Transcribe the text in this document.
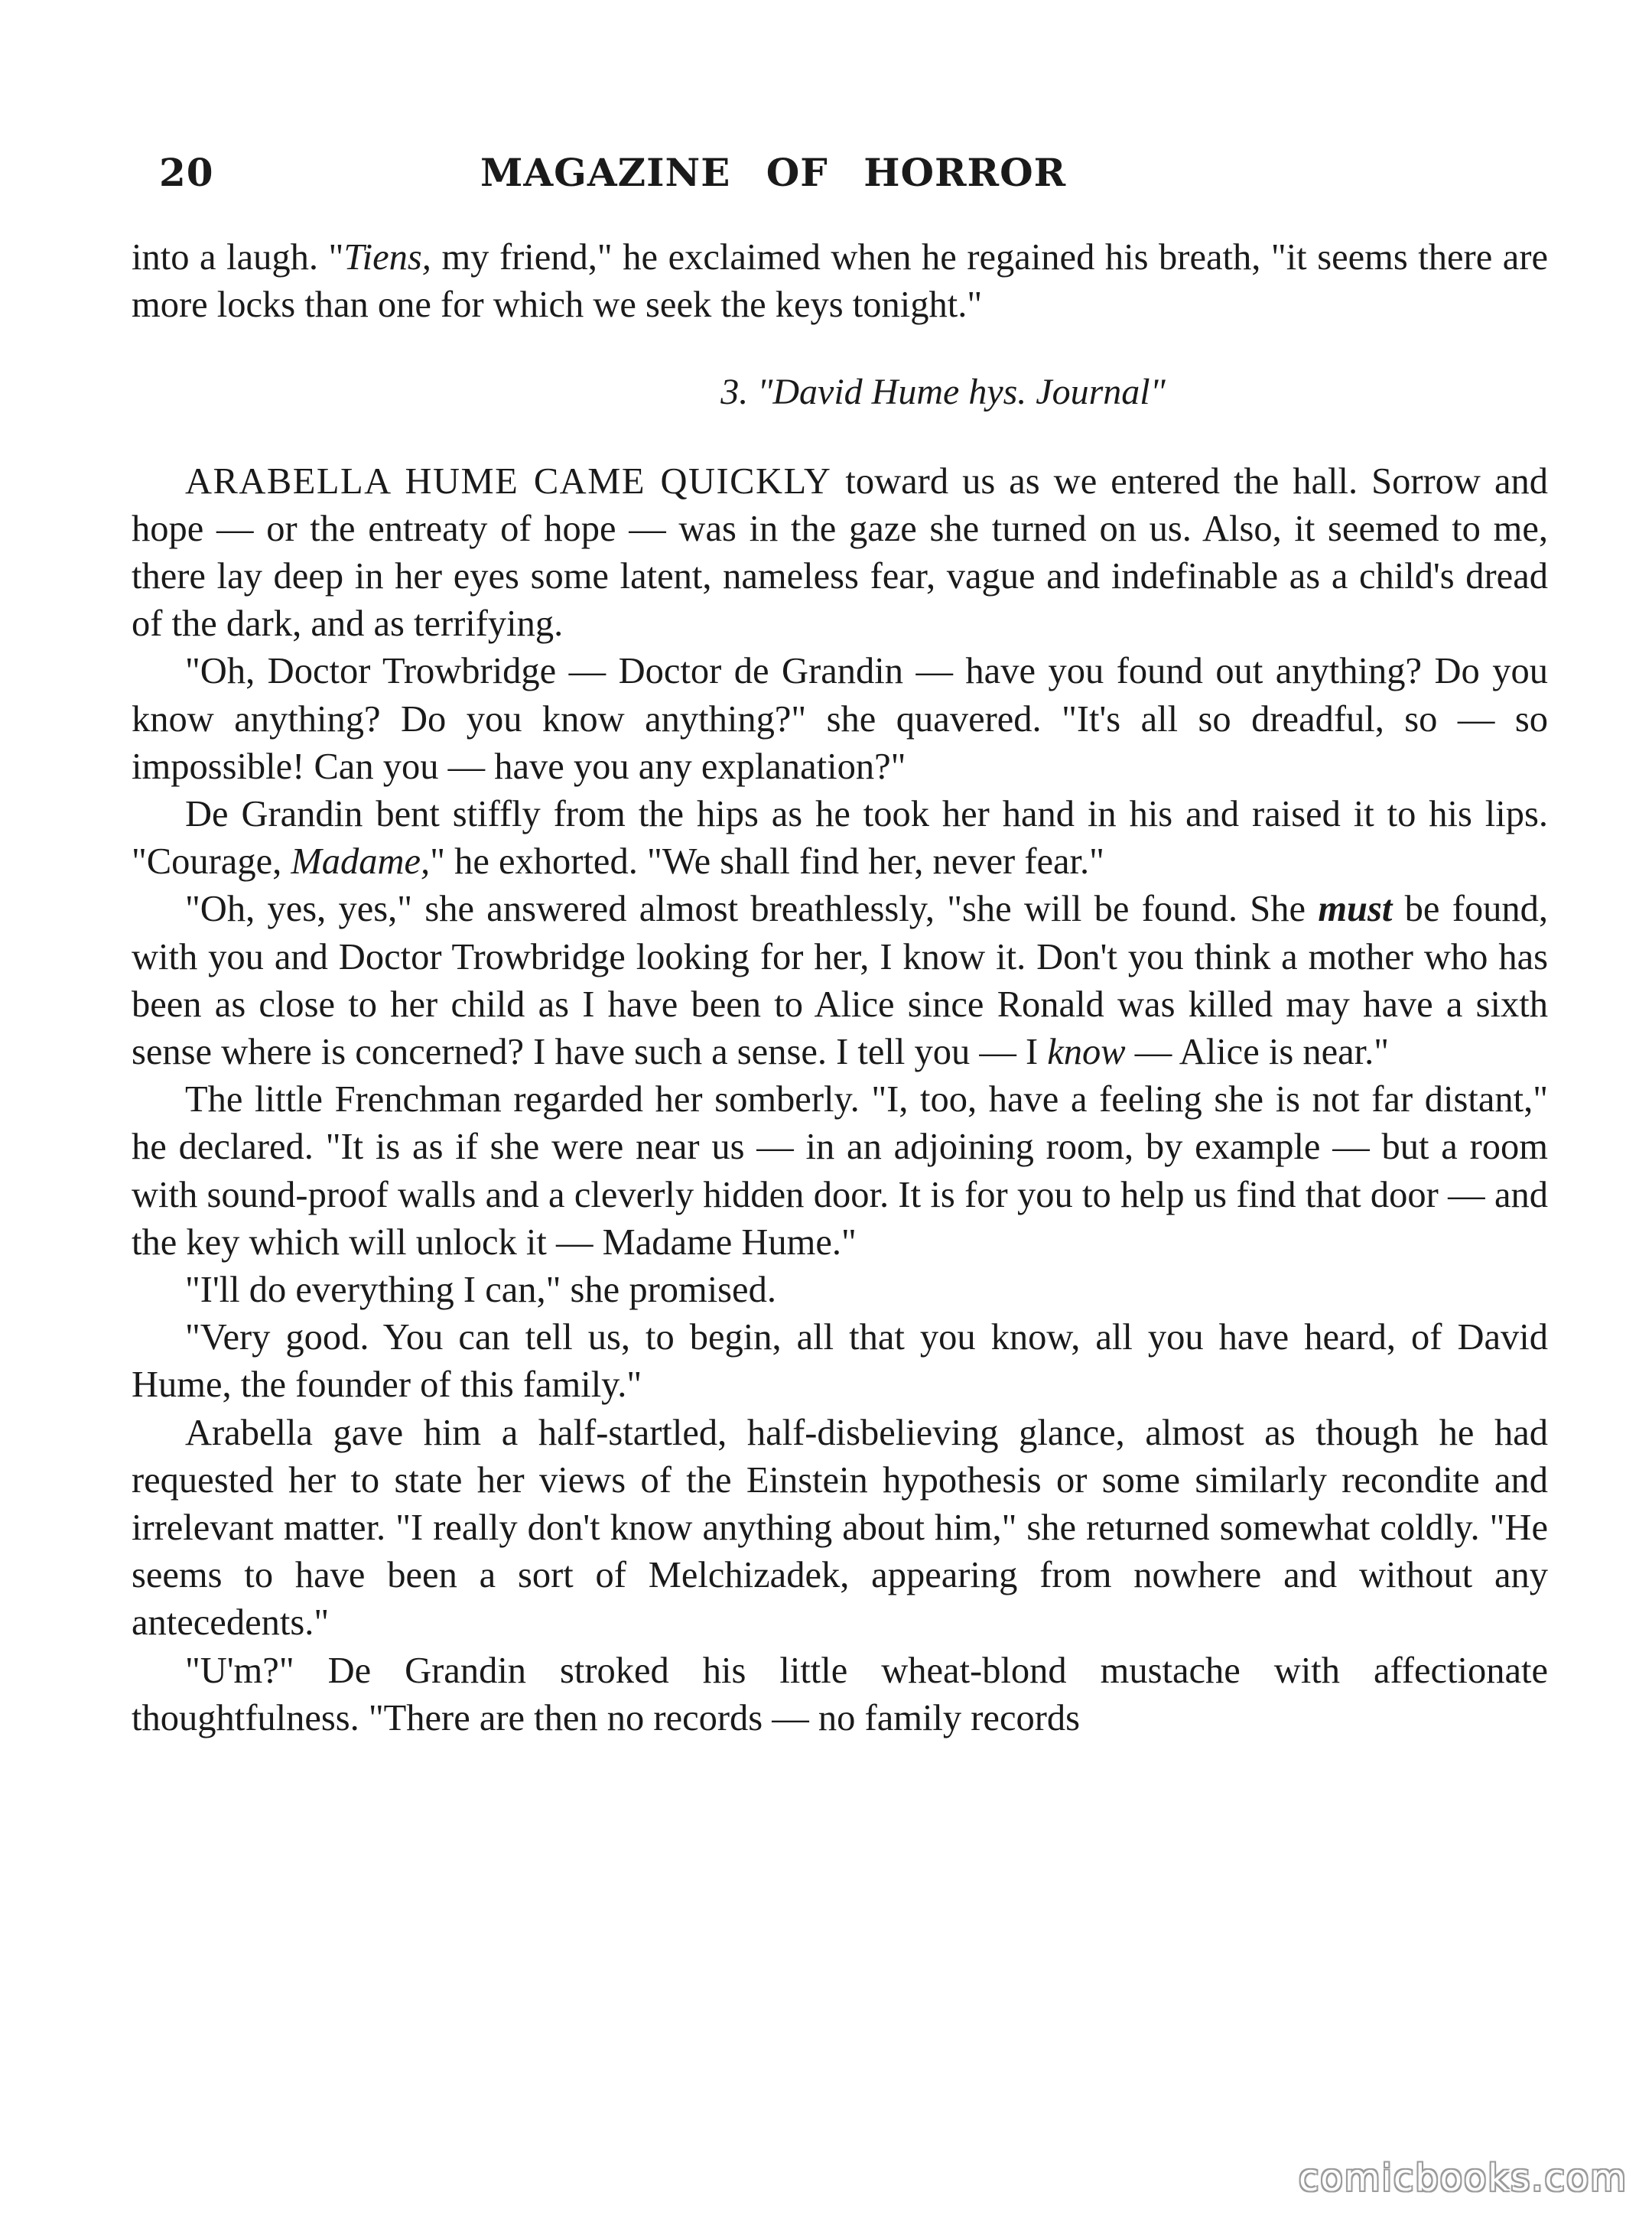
20	MAGAZINE OF HORROR

into a laugh. "Tiens, my friend," he exclaimed when he regained his breath, "it seems there are more locks than one for which we seek the keys tonight."

3. "David Hume hys. Journal"

ARABELLA HUME CAME QUICKLY toward us as we entered the hall. Sorrow and hope — or the entreaty of hope — was in the gaze she turned on us. Also, it seemed to me, there lay deep in her eyes some latent, nameless fear, vague and indefinable as a child's dread of the dark, and as terrifying.

"Oh, Doctor Trowbridge — Doctor de Grandin — have you found out anything? Do you know anything? Do you know anything?" she quavered. "It's all so dreadful, so — so impossible! Can you — have you any explanation?"

De Grandin bent stiffly from the hips as he took her hand in his and raised it to his lips. "Courage, Madame," he exhorted. "We shall find her, never fear."

"Oh, yes, yes," she answered almost breathlessly, "she will be found. She must be found, with you and Doctor Trowbridge looking for her, I know it. Don't you think a mother who has been as close to her child as I have been to Alice since Ronald was killed may have a sixth sense where is concerned? I have such a sense. I tell you — I know — Alice is near."

The little Frenchman regarded her somberly. "I, too, have a feeling she is not far distant," he declared. "It is as if she were near us — in an adjoining room, by example — but a room with sound-proof walls and a cleverly hidden door. It is for you to help us find that door — and the key which will unlock it — Madame Hume."

"I'll do everything I can," she promised.

"Very good. You can tell us, to begin, all that you know, all you have heard, of David Hume, the founder of this family."

Arabella gave him a half-startled, half-disbelieving glance, almost as though he had requested her to state her views of the Einstein hypothesis or some similarly recondite and irrelevant matter. "I really don't know anything about him," she returned somewhat coldly. "He seems to have been a sort of Melchizadek, appearing from nowhere and without any antecedents."

"U'm?" De Grandin stroked his little wheat-blond mustache with affectionate thoughtfulness. "There are then no records — no family records

comicbooks.com
